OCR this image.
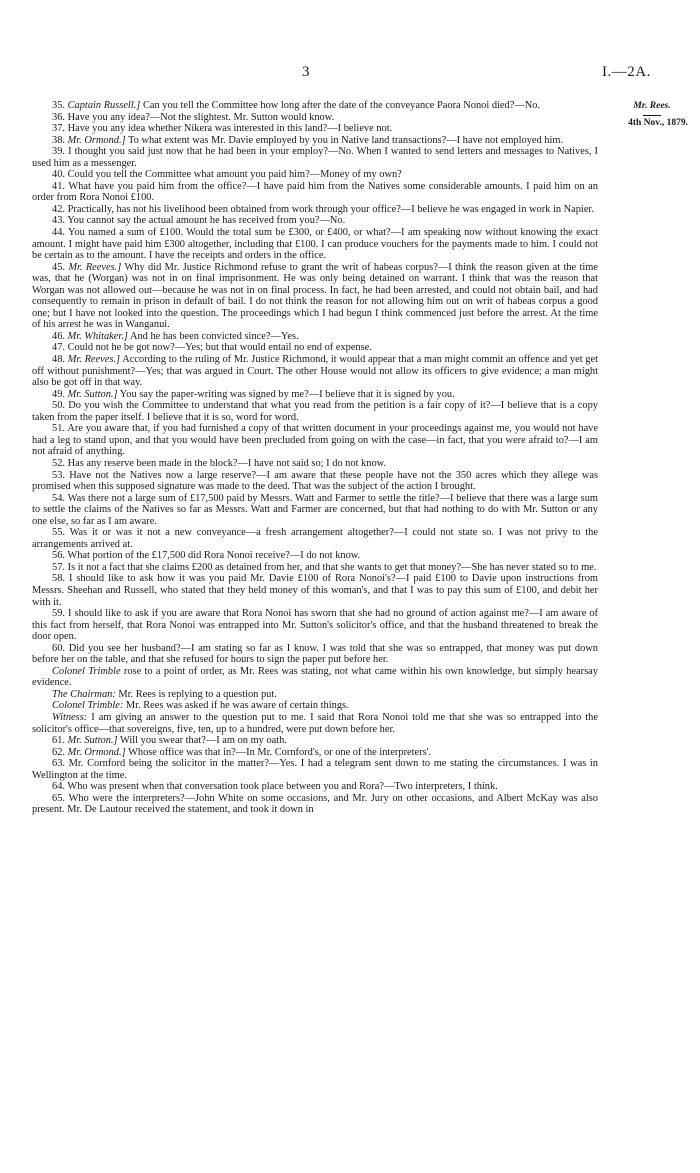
3	I.—2A.
Mr. Rees.
4th Nov., 1879.

35. Captain Russell.] Can you tell the Committee how long after the date of the conveyance Paora Nonoi died?—No.

36. Have you any idea?—Not the slightest. Mr. Sutton would know.

37. Have you any idea whether Nikera was interested in this land?—I believe not.

38. Mr. Ormond.] To what extent was Mr. Davie employed by you in Native land transactions?—I have not employed him.

39. I thought you said just now that he had been in your employ?—No. When I wanted to send letters and messages to Natives, I used him as a messenger.

40. Could you tell the Committee what amount you paid him?—Money of my own?

41. What have you paid him from the office?—I have paid him from the Natives some considerable amounts. I paid him on an order from Rora Nonoi £100.

42. Practically, has not his livelihood been obtained from work through your office?—I believe he was engaged in work in Napier.

43. You cannot say the actual amount he has received from you?—No.

44. You named a sum of £100. Would the total sum be £300, or £400, or what?—I am speaking now without knowing the exact amount. I might have paid him £300 altogether, including that £100. I can produce vouchers for the payments made to him. I could not be certain as to the amount. I have the receipts and orders in the office.

45. Mr. Reeves.] Why did Mr. Justice Richmond refuse to grant the writ of habeas corpus?—I think the reason given at the time was, that he (Worgan) was not in on final imprisonment. He was only being detained on warrant. I think that was the reason that Worgan was not allowed out—because he was not in on final process. In fact, he had been arrested, and could not obtain bail, and had consequently to remain in prison in default of bail. I do not think the reason for not allowing him out on writ of habeas corpus a good one; but I have not looked into the question. The proceedings which I had begun I think commenced just before the arrest. At the time of his arrest he was in Wanganui.

46. Mr. Whitaker.] And he has been convicted since?—Yes.

47. Could not he be got now?—Yes; but that would entail no end of expense.

48. Mr. Reeves.] According to the ruling of Mr. Justice Richmond, it would appear that a man might commit an offence and yet get off without punishment?—Yes; that was argued in Court. The other House would not allow its officers to give evidence; a man might also be got off in that way.

49. Mr. Sutton.] You say the paper-writing was signed by me?—I believe that it is signed by you.

50. Do you wish the Committee to understand that what you read from the petition is a fair copy of it?—I believe that is a copy taken from the paper itself. I believe that it is so, word for word.

51. Are you aware that, if you had furnished a copy of that written document in your proceedings against me, you would not have had a leg to stand upon, and that you would have been precluded from going on with the case—in fact, that you were afraid to?—I am not afraid of anything.

52. Has any reserve been made in the block?—I have not said so; I do not know.

53. Have not the Natives now a large reserve?—I am aware that these people have not the 350 acres which they allege was promised when this supposed signature was made to the deed. That was the subject of the action I brought.

54. Was there not a large sum of £17,500 paid by Messrs. Watt and Farmer to settle the title?—I believe that there was a large sum to settle the claims of the Natives so far as Messrs. Watt and Farmer are concerned, but that had nothing to do with Mr. Sutton or any one else, so far as I am aware.

55. Was it or was it not a new conveyance—a fresh arrangement altogether?—I could not state so. I was not privy to the arrangements arrived at.

56. What portion of the £17,500 did Rora Nonoi receive?—I do not know.

57. Is it not a fact that she claims £200 as detained from her, and that she wants to get that money?—She has never stated so to me.

58. I should like to ask how it was you paid Mr. Davie £100 of Rora Nonoi's?—I paid £100 to Davie upon instructions from Messrs. Sheehan and Russell, who stated that they held money of this woman's, and that I was to pay this sum of £100, and debit her with it.

59. I should like to ask if you are aware that Rora Nonoi has sworn that she had no ground of action against me?—I am aware of this fact from herself, that Rora Nonoi was entrapped into Mr. Sutton's solicitor's office, and that the husband threatened to break the door open.

60. Did you see her husband?—I am stating so far as I know. I was told that she was so entrapped, that money was put down before her on the table, and that she refused for hours to sign the paper put before her.

Colonel Trimble rose to a point of order, as Mr. Rees was stating, not what came within his own knowledge, but simply hearsay evidence.

The Chairman: Mr. Rees is replying to a question put.

Colonel Trimble: Mr. Rees was asked if he was aware of certain things.

Witness: I am giving an answer to the question put to me. I said that Rora Nonoi told me that she was so entrapped into the solicitor's office—that sovereigns, five, ten, up to a hundred, were put down before her.

61. Mr. Sutton.] Will you swear that?—I am on my oath.

62. Mr. Ormond.] Whose office was that in?—In Mr. Cornford's, or one of the interpreters'.

63. Mr. Cornford being the solicitor in the matter?—Yes. I had a telegram sent down to me stating the circumstances. I was in Wellington at the time.

64. Who was present when that conversation took place between you and Rora?—Two interpreters, I think.

65. Who were the interpreters?—John White on some occasions, and Mr. Jury on other occasions, and Albert McKay was also present. Mr. De Lautour received the statement, and took it down in
